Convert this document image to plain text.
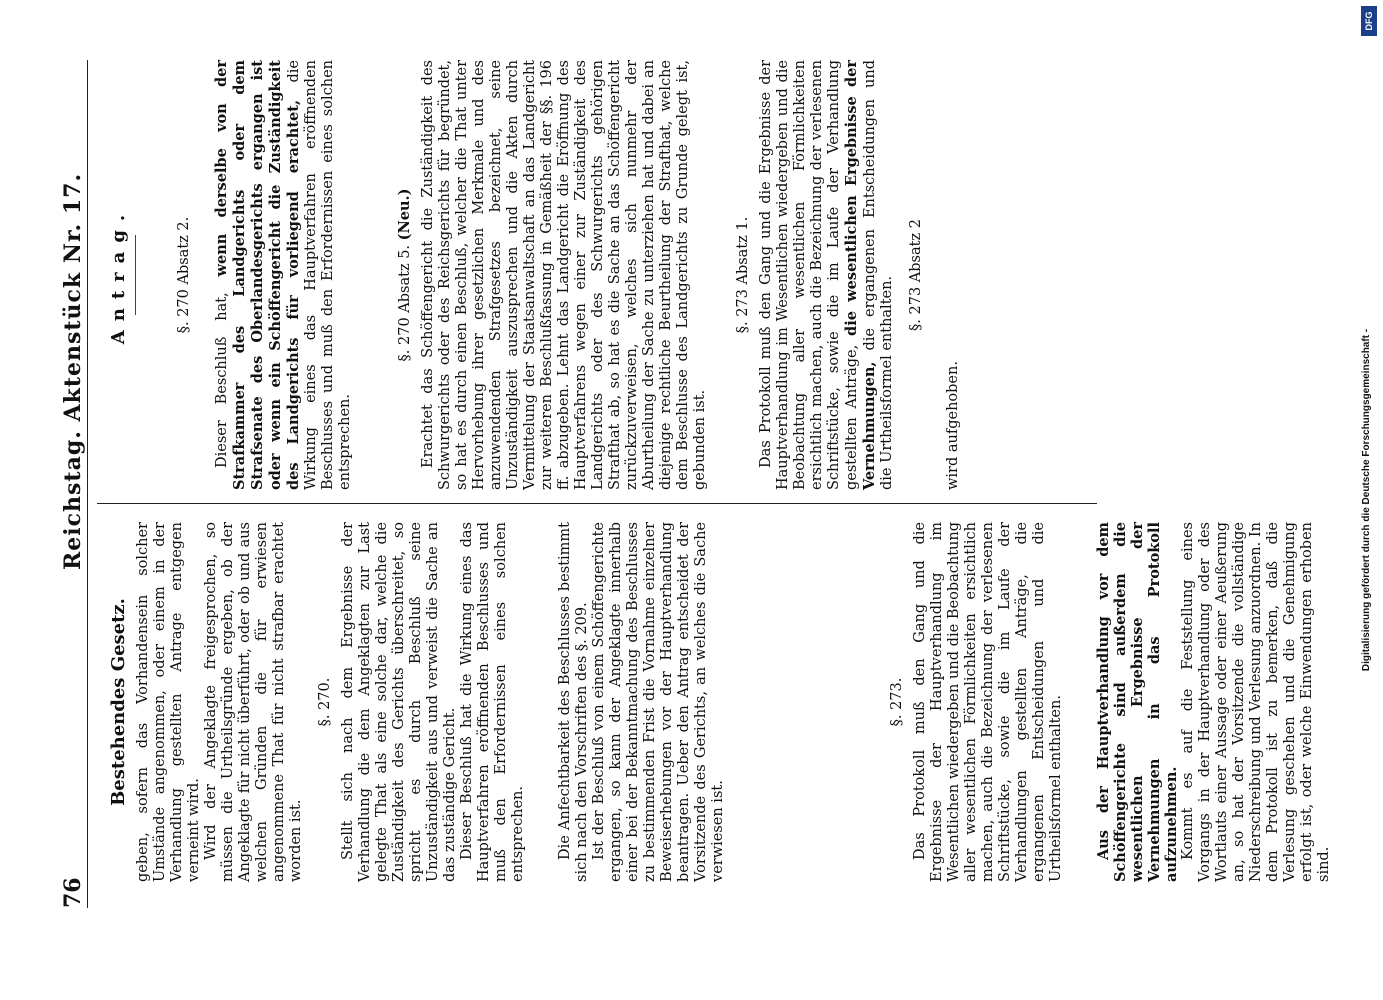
76
Reichstag. Aktenstück Nr. 17.
Bestehendes Gesetz. geben, sofern das Vorhandensein solcher Umstände angenommen, oder einem in der Verhandlung gestellten Antrage entgegen verneint wird. Wird der Angeklagte freigesprochen, so müssen die Urtheilsgründe ergeben, ob der Angeklagte für nicht überführt, oder ob und aus welchen Gründen die für erwiesen angenommene That für nicht strafbar erachtet worden ist.

§. 270. Stellt sich nach dem Ergebnisse der Verhandlung die dem Angeklagten zur Last gelegte That als eine solche dar, welche die Zuständigkeit des Gerichts überschreitet, so spricht es durch Beschluß seine Unzuständigkeit aus und verweist die Sache an das zuständige Gericht. Dieser Beschluß hat die Wirkung eines das Hauptverfahren eröffnenden Beschlusses und muß den Erfordernissen eines solchen entsprechen. Die Anfechtbarkeit des Beschlusses bestimmt sich nach den Vorschriften des §. 209. Ist der Beschluß von einem Schöffengerichte ergangen, so kann der Angeklagte innerhalb einer bei der Bekanntmachung des Beschlusses zu bestimmenden Frist die Vornahme einzelner Beweiserhebungen vor der Hauptverhandlung beantragen. Ueber den Antrag entscheidet der Vorsitzende des Gerichts, an welches die Sache verwiesen ist.

§. 273. Das Protokoll muß den Gang und die Ergebnisse der Hauptverhandlung im Wesentlichen wiedergeben und die Beobachtung aller wesentlichen Förmlichkeiten ersichtlich machen, auch die Bezeichnung der verlesenen Schriftstücke, sowie die im Laufe der Verhandlungen gestellten Anträge, die ergangenen Entscheidungen und die Urtheilsformel enthalten. Aus der Hauptverhandlung vor dem Schöffengerichte sind außerdem die wesentlichen Ergebnisse der Vernehmungen in das Protokoll aufzunehmen. Kommt es auf die Feststellung eines Vorgangs in der Hauptverhandlung oder des Wortlauts einer Aussage oder einer Aeußerung an, so hat der Vorsitzende die vollständige Niederschreibung und Verlesung anzuordnen. In dem Protokoll ist zu bemerken, daß die Verlesung geschehen und die Genehmigung erfolgt ist, oder welche Einwendungen erhoben sind.

Antrag.	§. 270 Absatz 2.

Dieser Beschluß hat, wenn derselbe von der Strafkammer des Landgerichts oder dem Strafsenate des Oberlandesgerichts ergangen ist oder wenn ein Schöffengericht die Zuständigkeit des Landgerichts für vorliegend erachtet, die Wirkung eines das Hauptverfahren eröffnenden Beschlusses und muß den Erfordernissen eines solchen entsprechen.

§. 270 Absatz 5. (Neu.) Erachtet das Schöffengericht die Zuständigkeit des Schwurgerichts oder des Reichsgerichts für begründet, so hat es durch einen Beschluß, welcher die That unter Hervorhebung ihrer gesetzlichen Merkmale und des anzuwendenden Strafgesetzes bezeichnet, seine Unzuständigkeit auszusprechen und die Akten durch Vermittelung der Staatsanwaltschaft an das Landgericht zur weiteren Beschlußfassung in Gemäßheit der §§. 196 ff. abzugeben. Lehnt das Landgericht die Eröffnung des Hauptverfahrens wegen einer zur Zuständigkeit des Landgerichts oder des Schwurgerichts gehörigen Strafthat ab, so hat es die Sache an das Schöffengericht zurückzuverweisen, welches sich nunmehr der Aburtheilung der Sache zu unterziehen hat und dabei an diejenige rechtliche Beurtheilung der Strafthat, welche dem Beschlusse des Landgerichts zu Grunde gelegt ist, gebunden ist.

§. 273 Absatz 1. Das Protokoll muß den Gang und die Ergebnisse der Hauptverhandlung im Wesentlichen wiedergeben und die Beobachtung aller wesentlichen Förmlichkeiten ersichtlich machen, auch die Bezeichnung der verlesenen Schriftstücke, sowie die im Laufe der Verhandlung gestellten Anträge, die wesentlichen Ergebnisse der Vernehmungen, die ergangenen Entscheidungen und die Urtheilsformel enthalten.

§. 273 Absatz 2

wird aufgehoben.

DFG
Digitalisierung gefördert durch die Deutsche Forschungsgemeinschaft -
